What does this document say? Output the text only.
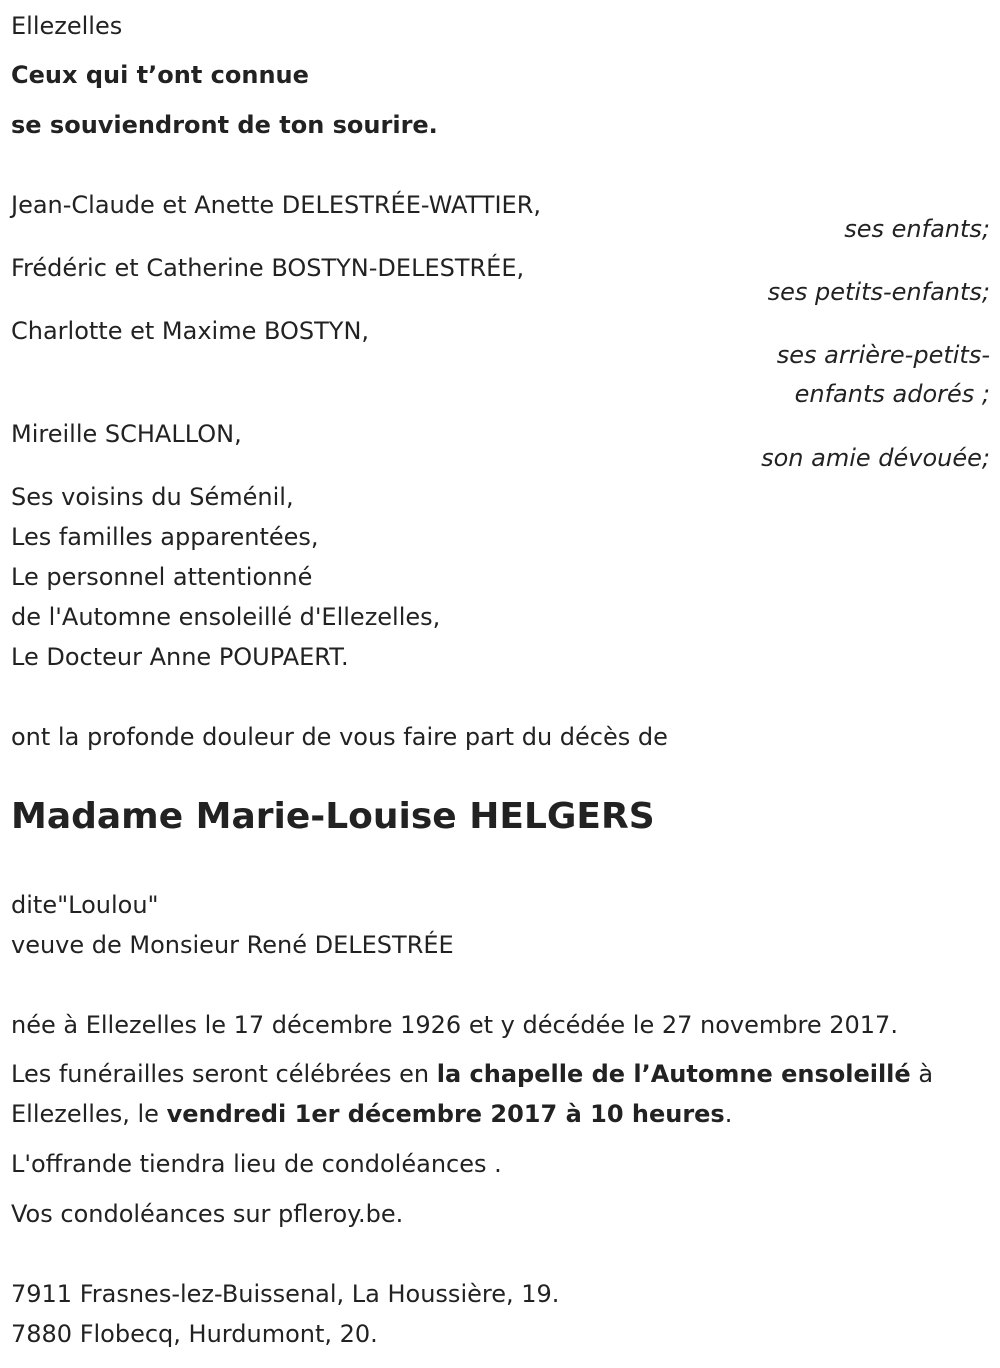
Ellezelles
Ceux qui t’ont connue
se souviendront de ton sourire.
Jean-Claude et Anette DELESTRÉE-WATTIER,
ses enfants;
Frédéric et Catherine BOSTYN-DELESTRÉE,
ses petits-enfants;
Charlotte et Maxime BOSTYN,
ses arrière-petits-
enfants adorés ;
Mireille SCHALLON,
son amie dévouée;
Ses voisins du Séménil,
Les familles apparentées,
Le personnel attentionné
de l'Automne ensoleillé d'Ellezelles,
Le Docteur Anne POUPAERT.
ont la profonde douleur de vous faire part du décès de
Madame Marie-Louise HELGERS
dite"Loulou"
veuve de Monsieur René DELESTRÉE
née à Ellezelles le 17 décembre 1926 et y décédée le 27 novembre 2017.
Les funérailles seront célébrées en la chapelle de l’Automne ensoleillé à Ellezelles, le vendredi 1er décembre 2017 à 10 heures.
L'offrande tiendra lieu de condoléances .
Vos condoléances sur pfleroy.be.
7911 Frasnes-lez-Buissenal, La Houssière, 19.
7880 Flobecq, Hurdumont, 20.
